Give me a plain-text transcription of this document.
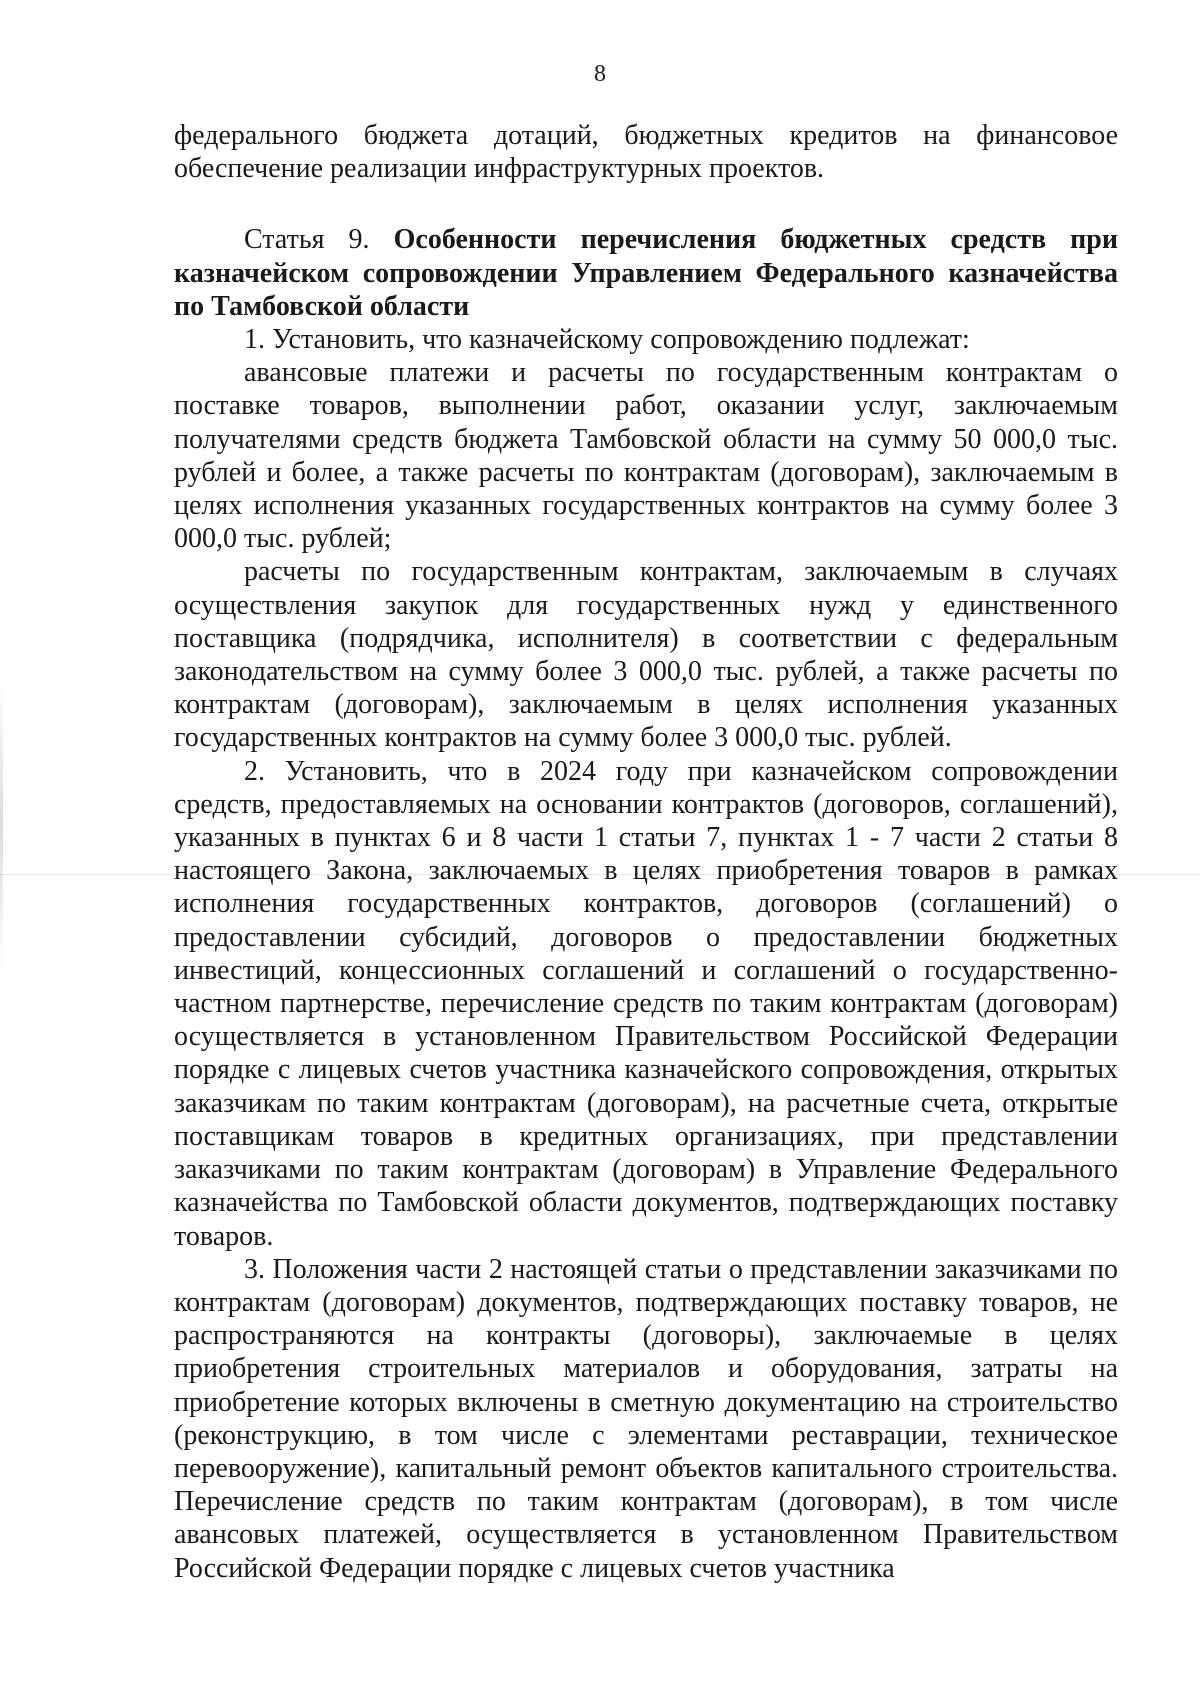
8

федерального бюджета дотаций, бюджетных кредитов на финансовое обеспечение реализации инфраструктурных проектов.

Статья 9. Особенности перечисления бюджетных средств при казначейском сопровождении Управлением Федерального казначейства по Тамбовской области

1. Установить, что казначейскому сопровождению подлежат:

авансовые платежи и расчеты по государственным контрактам о поставке товаров, выполнении работ, оказании услуг, заключаемым получателями средств бюджета Тамбовской области на сумму 50 000,0 тыс. рублей и более, а также расчеты по контрактам (договорам), заключаемым в целях исполнения указанных государственных контрактов на сумму более 3 000,0 тыс. рублей;

расчеты по государственным контрактам, заключаемым в случаях осуществления закупок для государственных нужд у единственного поставщика (подрядчика, исполнителя) в соответствии с федеральным законодательством на сумму более 3 000,0 тыс. рублей, а также расчеты по контрактам (договорам), заключаемым в целях исполнения указанных государственных контрактов на сумму более 3 000,0 тыс. рублей.

2. Установить, что в 2024 году при казначейском сопровождении средств, предоставляемых на основании контрактов (договоров, соглашений), указанных в пунктах 6 и 8 части 1 статьи 7, пунктах 1 - 7 части 2 статьи 8 настоящего Закона, заключаемых в целях приобретения товаров в рамках исполнения государственных контрактов, договоров (соглашений) о предоставлении субсидий, договоров о предоставлении бюджетных инвестиций, концессионных соглашений и соглашений о государственно-частном партнерстве, перечисление средств по таким контрактам (договорам) осуществляется в установленном Правительством Российской Федерации порядке с лицевых счетов участника казначейского сопровождения, открытых заказчикам по таким контрактам (договорам), на расчетные счета, открытые поставщикам товаров в кредитных организациях, при представлении заказчиками по таким контрактам (договорам) в Управление Федерального казначейства по Тамбовской области документов, подтверждающих поставку товаров.

3. Положения части 2 настоящей статьи о представлении заказчиками по контрактам (договорам) документов, подтверждающих поставку товаров, не распространяются на контракты (договоры), заключаемые в целях приобретения строительных материалов и оборудования, затраты на приобретение которых включены в сметную документацию на строительство (реконструкцию, в том числе с элементами реставрации, техническое перевооружение), капитальный ремонт объектов капитального строительства. Перечисление средств по таким контрактам (договорам), в том числе авансовых платежей, осуществляется в установленном Правительством Российской Федерации порядке с лицевых счетов участника
